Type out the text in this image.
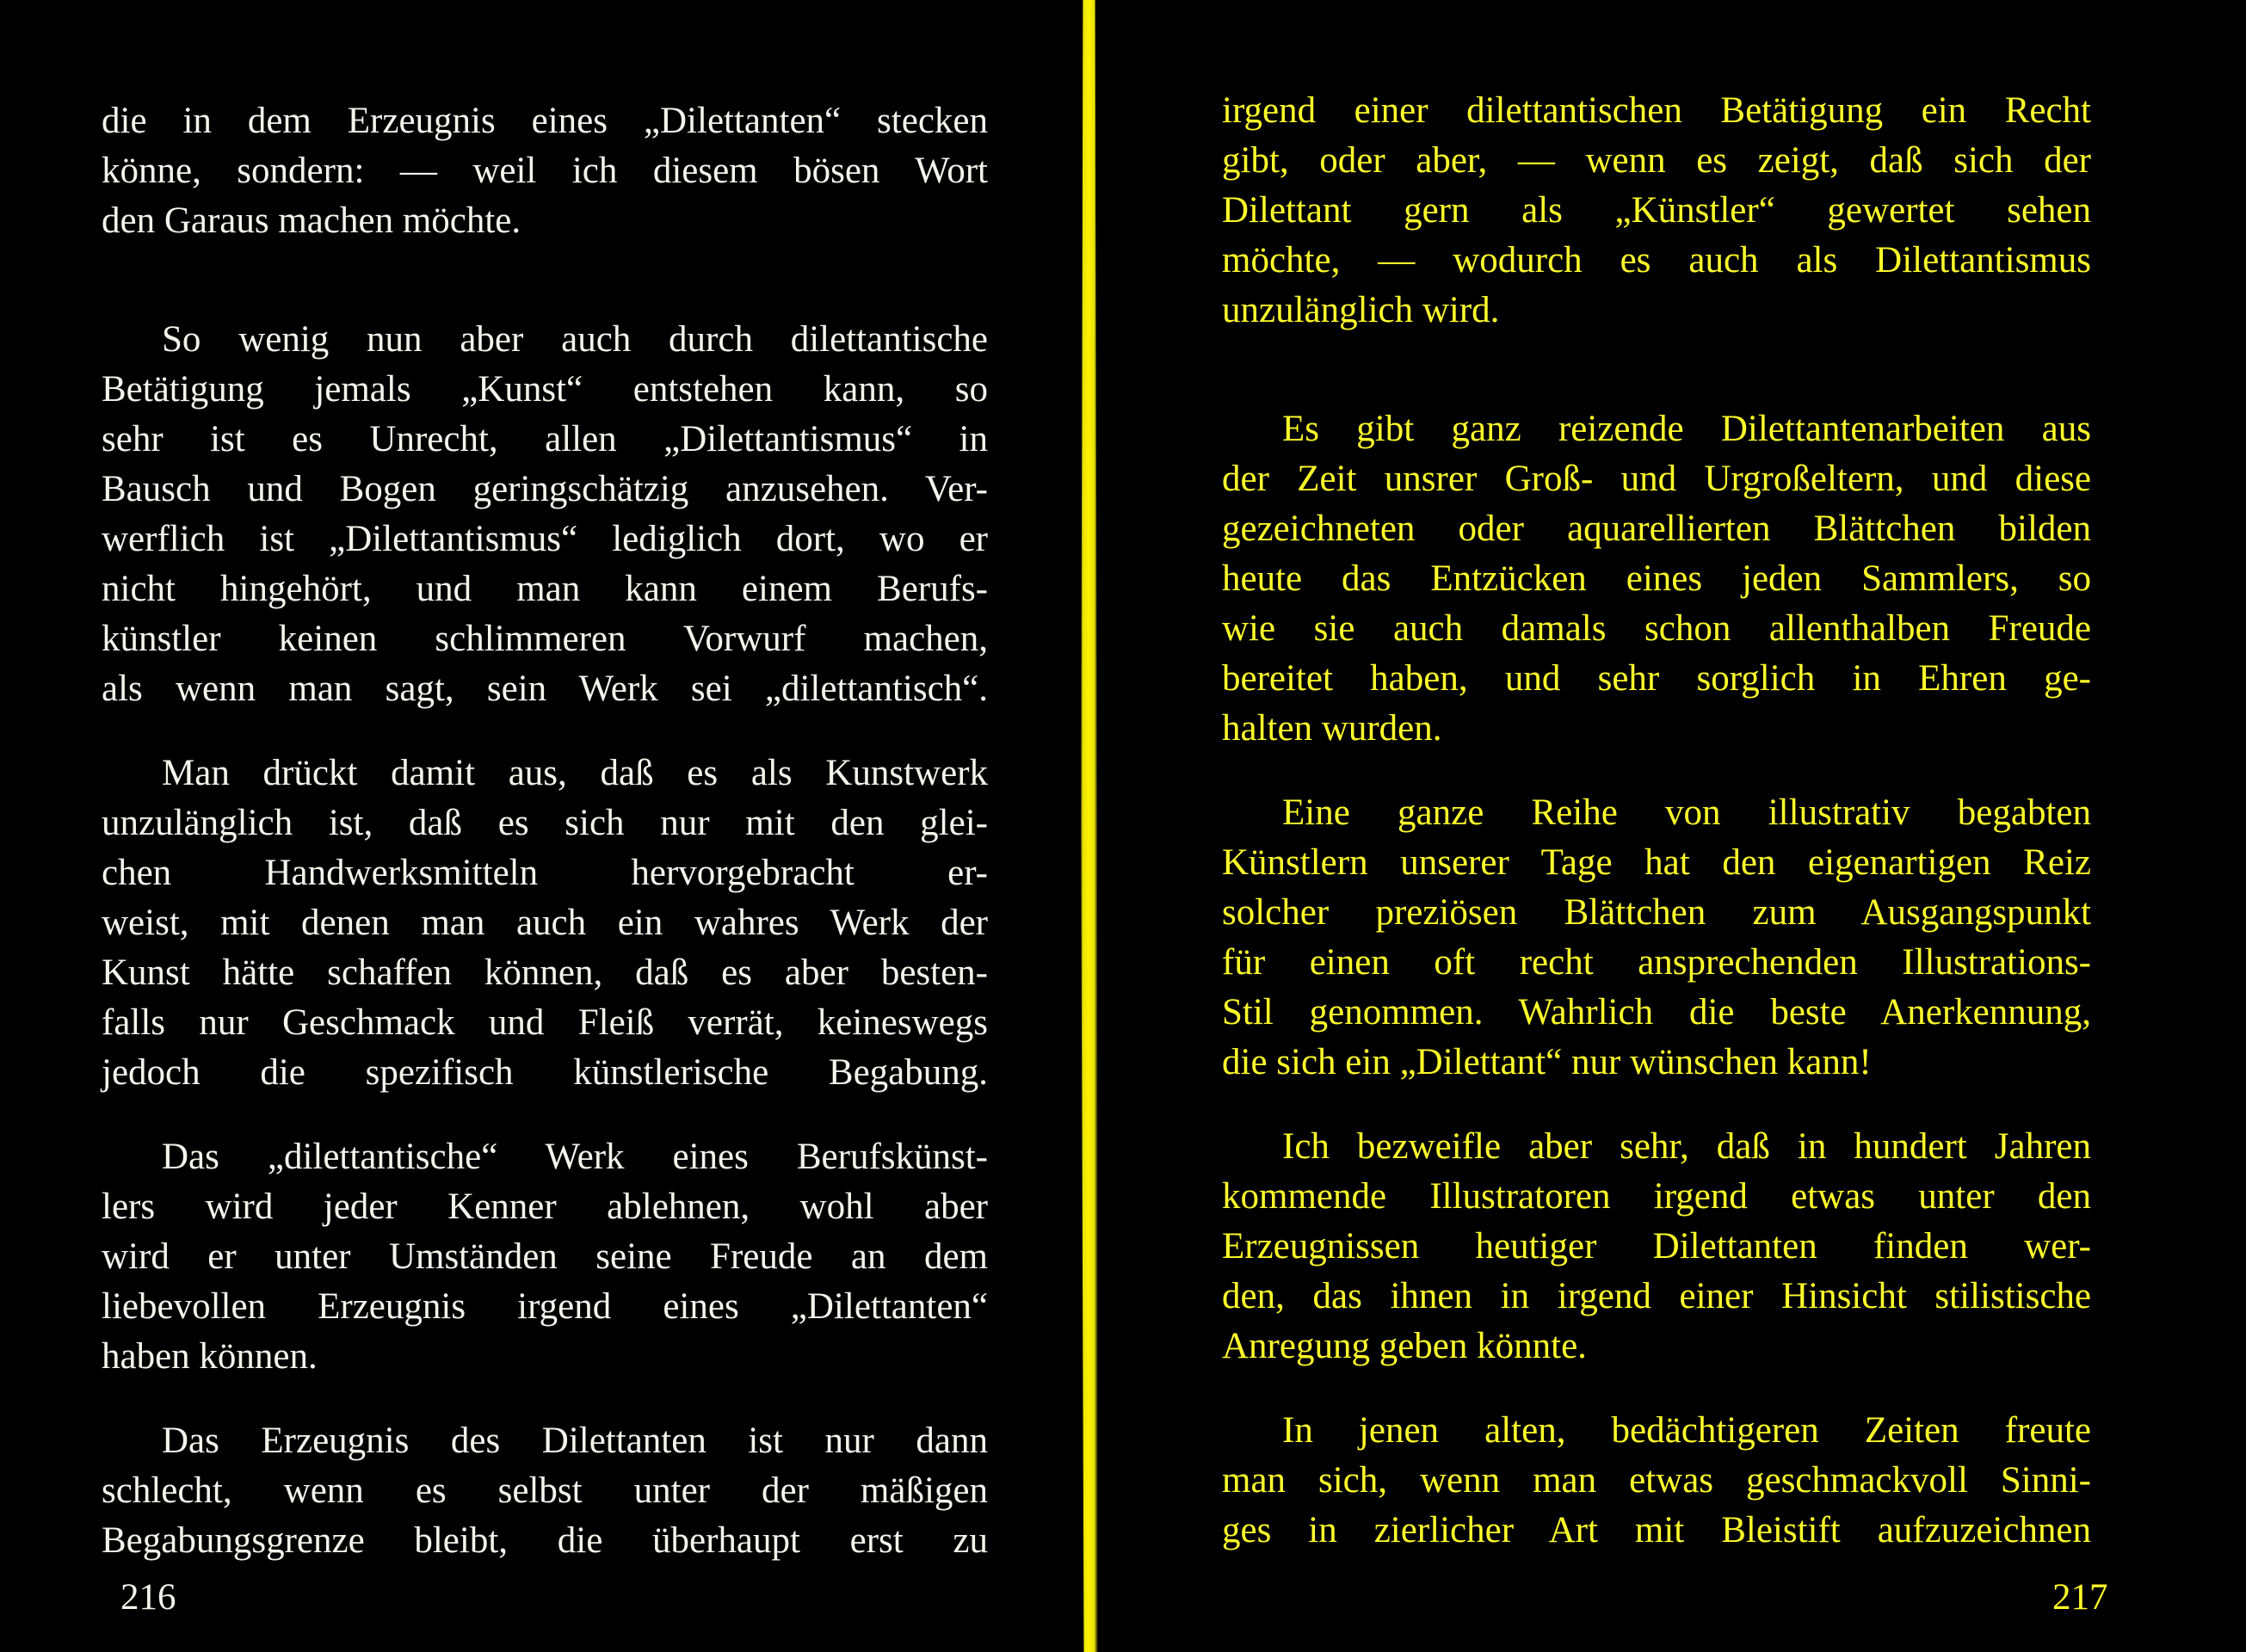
die in dem Erzeugnis eines „Dilettanten“ stecken
könne, sondern: — weil ich diesem bösen Wort
den Garaus machen möchte.

So wenig nun aber auch durch dilettantische
Betätigung jemals „Kunst“ entstehen kann, so
sehr ist es Unrecht, allen „Dilettantismus“ in
Bausch und Bogen geringschätzig anzusehen. Ver-
werflich ist „Dilettantismus“ lediglich dort, wo er
nicht hingehört, und man kann einem Berufs-
künstler keinen schlimmeren Vorwurf machen,
als wenn man sagt, sein Werk sei „dilettantisch“.

Man drückt damit aus, daß es als Kunstwerk
unzulänglich ist, daß es sich nur mit den glei-
chen Handwerksmitteln hervorgebracht er-
weist, mit denen man auch ein wahres Werk der
Kunst hätte schaffen können, daß es aber besten-
falls nur Geschmack und Fleiß verrät, keineswegs
jedoch die spezifisch künstlerische Begabung.

Das „dilettantische“ Werk eines Berufskünst-
lers wird jeder Kenner ablehnen, wohl aber
wird er unter Umständen seine Freude an dem
liebevollen Erzeugnis irgend eines „Dilettanten“
haben können.

Das Erzeugnis des Dilettanten ist nur dann
schlecht, wenn es selbst unter der mäßigen
Begabungsgrenze bleibt, die überhaupt erst zu

216

irgend einer dilettantischen Betätigung ein Recht
gibt, oder aber, — wenn es zeigt, daß sich der
Dilettant gern als „Künstler“ gewertet sehen
möchte, — wodurch es auch als Dilettantismus
unzulänglich wird.

Es gibt ganz reizende Dilettantenarbeiten aus
der Zeit unsrer Groß- und Urgroßeltern, und diese
gezeichneten oder aquarellierten Blättchen bilden
heute das Entzücken eines jeden Sammlers, so
wie sie auch damals schon allenthalben Freude
bereitet haben, und sehr sorglich in Ehren ge-
halten wurden.

Eine ganze Reihe von illustrativ begabten
Künstlern unserer Tage hat den eigenartigen Reiz
solcher preziösen Blättchen zum Ausgangspunkt
für einen oft recht ansprechenden Illustrations-
Stil genommen. Wahrlich die beste Anerkennung,
die sich ein „Dilettant“ nur wünschen kann!

Ich bezweifle aber sehr, daß in hundert Jahren
kommende Illustratoren irgend etwas unter den
Erzeugnissen heutiger Dilettanten finden wer-
den, das ihnen in irgend einer Hinsicht stilistische
Anregung geben könnte.

In jenen alten, bedächtigeren Zeiten freute
man sich, wenn man etwas geschmackvoll Sinni-
ges in zierlicher Art mit Bleistift aufzuzeichnen

217
